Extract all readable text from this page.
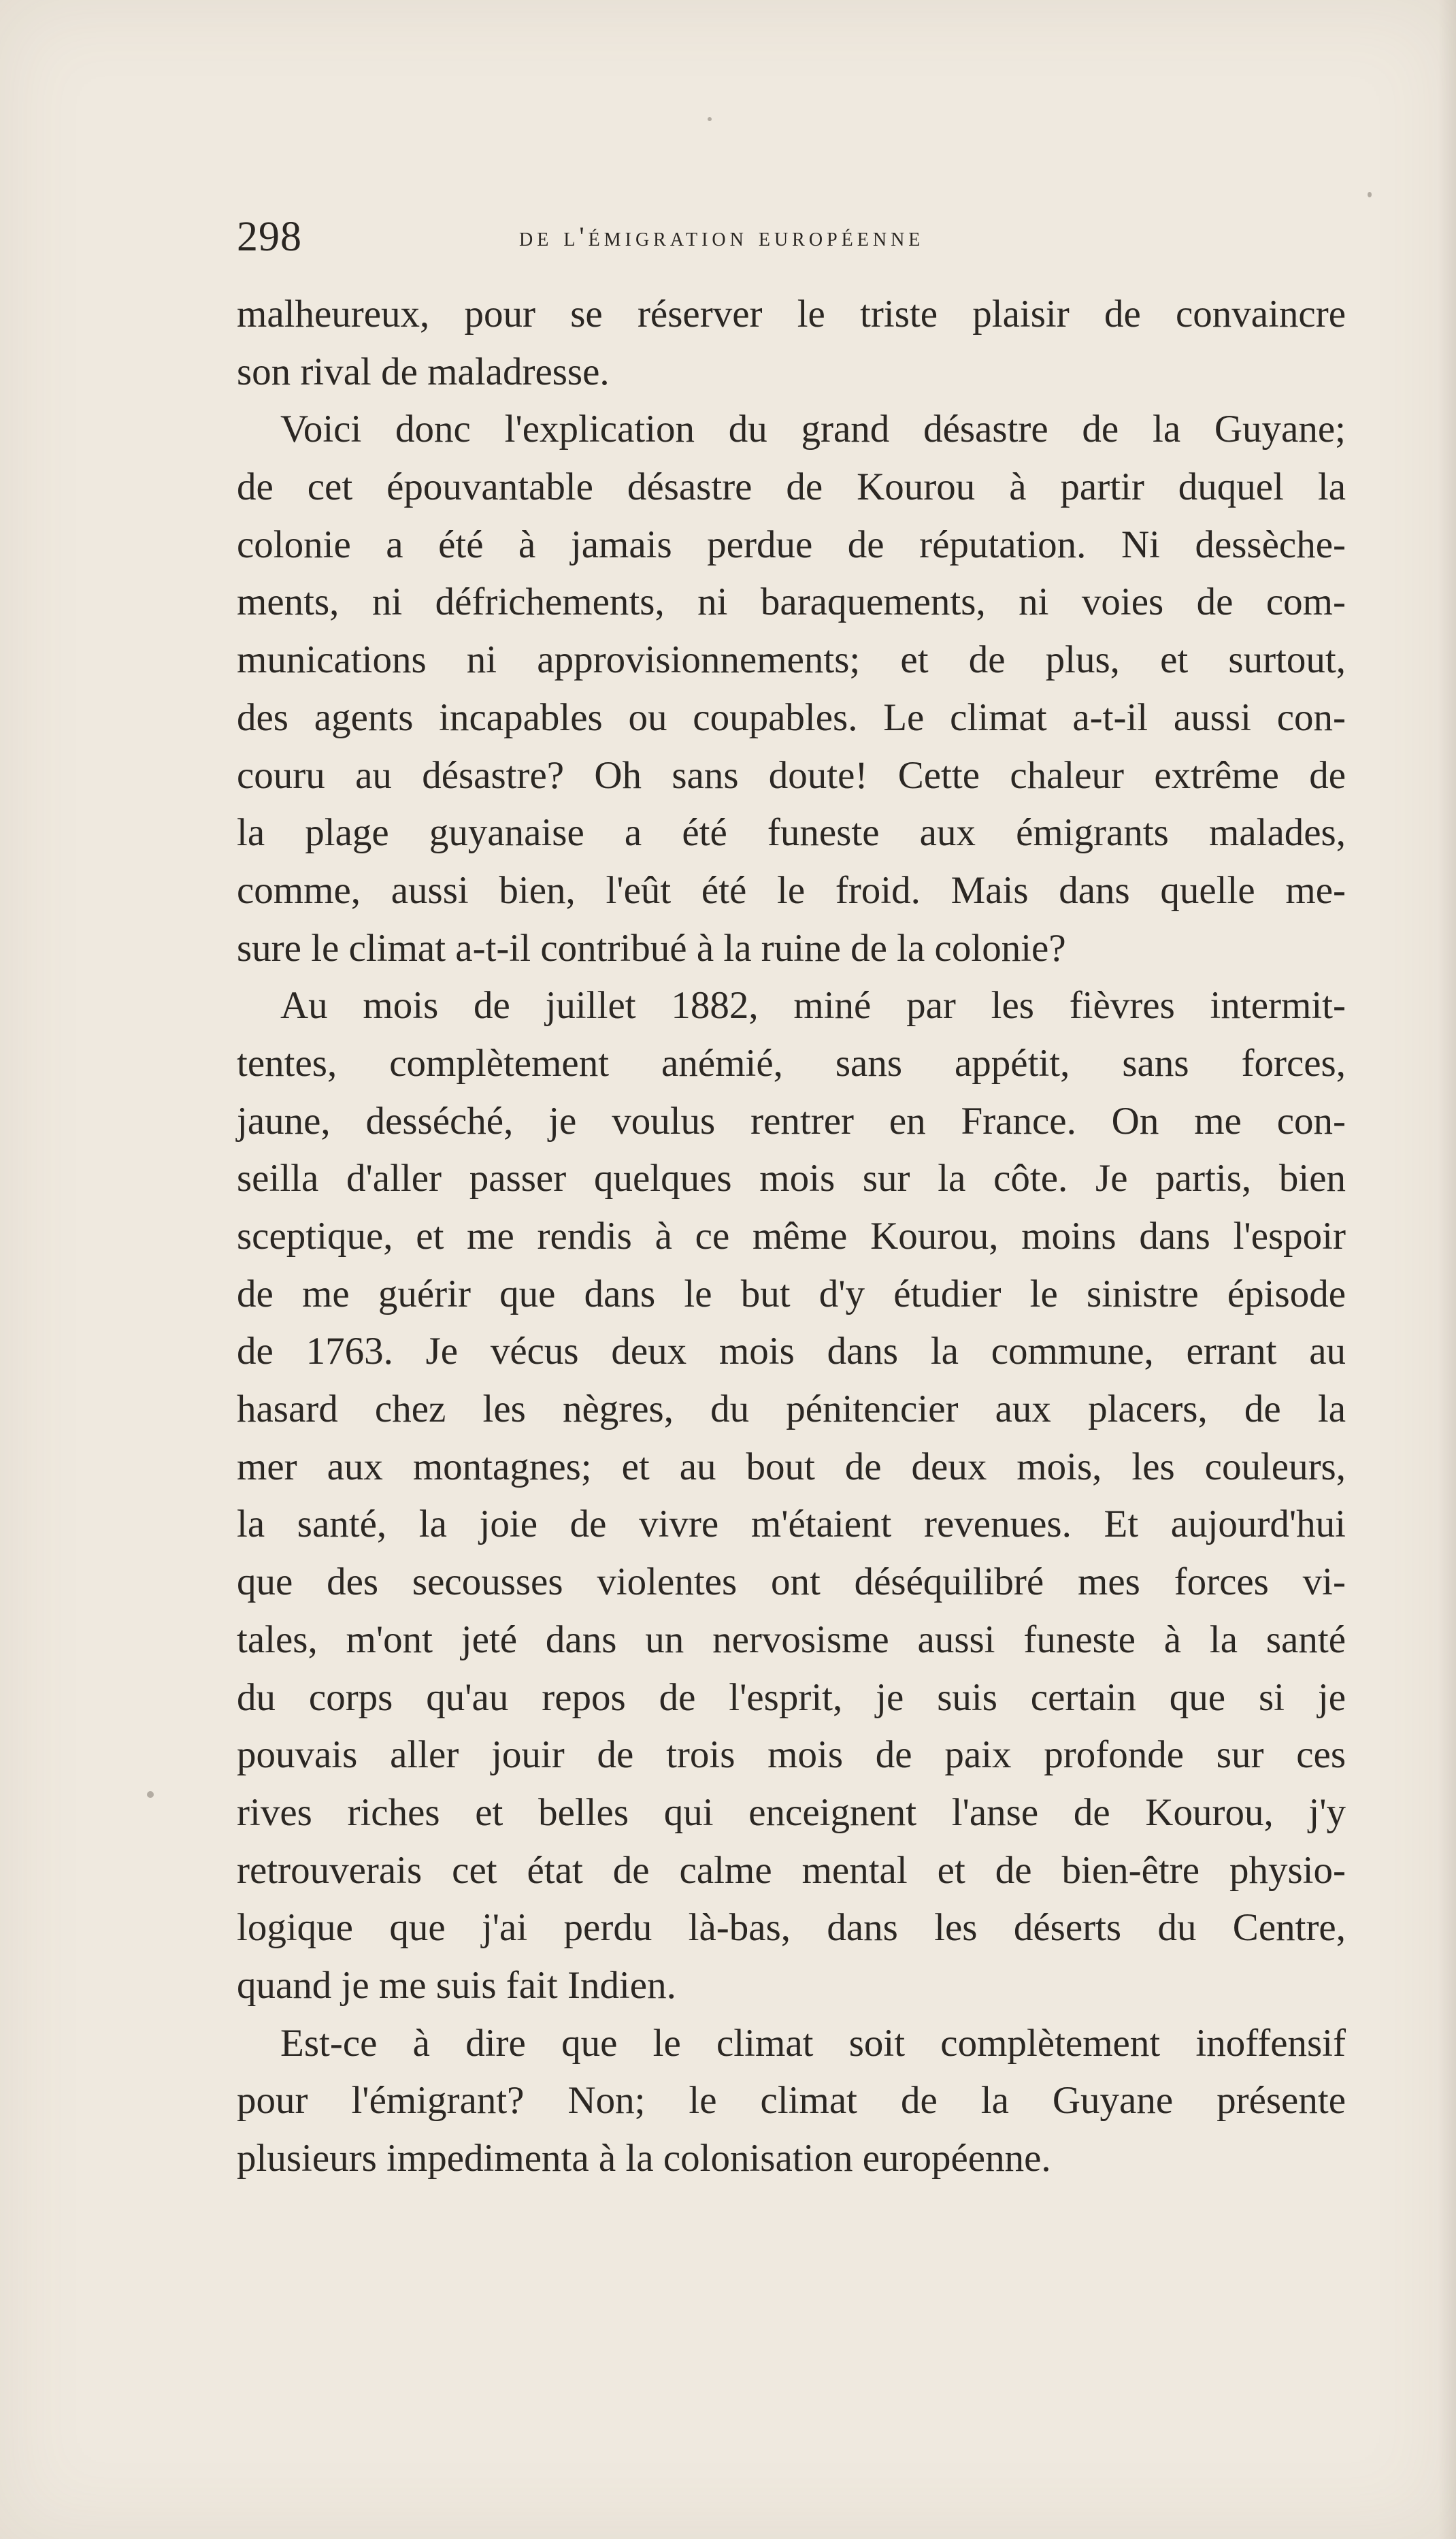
298	de l'émigration européenne
malheureux, pour se réserver le triste plaisir de convaincre
son rival de maladresse.
Voici donc l'explication du grand désastre de la Guyane;
de cet épouvantable désastre de Kourou à partir duquel la
colonie a été à jamais perdue de réputation. Ni dessèche-
ments, ni défrichements, ni baraquements, ni voies de com-
munications ni approvisionnements; et de plus, et surtout,
des agents incapables ou coupables. Le climat a-t-il aussi con-
couru au désastre? Oh sans doute! Cette chaleur extrême de
la plage guyanaise a été funeste aux émigrants malades,
comme, aussi bien, l'eût été le froid. Mais dans quelle me-
sure le climat a-t-il contribué à la ruine de la colonie?
Au mois de juillet 1882, miné par les fièvres intermit-
tentes, complètement anémié, sans appétit, sans forces,
jaune, desséché, je voulus rentrer en France. On me con-
seilla d'aller passer quelques mois sur la côte. Je partis, bien
sceptique, et me rendis à ce même Kourou, moins dans l'espoir
de me guérir que dans le but d'y étudier le sinistre épisode
de 1763. Je vécus deux mois dans la commune, errant au
hasard chez les nègres, du pénitencier aux placers, de la
mer aux montagnes; et au bout de deux mois, les couleurs,
la santé, la joie de vivre m'étaient revenues. Et aujourd'hui
que des secousses violentes ont déséquilibré mes forces vi-
tales, m'ont jeté dans un nervosisme aussi funeste à la santé
du corps qu'au repos de l'esprit, je suis certain que si je
pouvais aller jouir de trois mois de paix profonde sur ces
rives riches et belles qui enceignent l'anse de Kourou, j'y
retrouverais cet état de calme mental et de bien-être physio-
logique que j'ai perdu là-bas, dans les déserts du Centre,
quand je me suis fait Indien.
Est-ce à dire que le climat soit complètement inoffensif
pour l'émigrant? Non; le climat de la Guyane présente
plusieurs impedimenta à la colonisation européenne.
